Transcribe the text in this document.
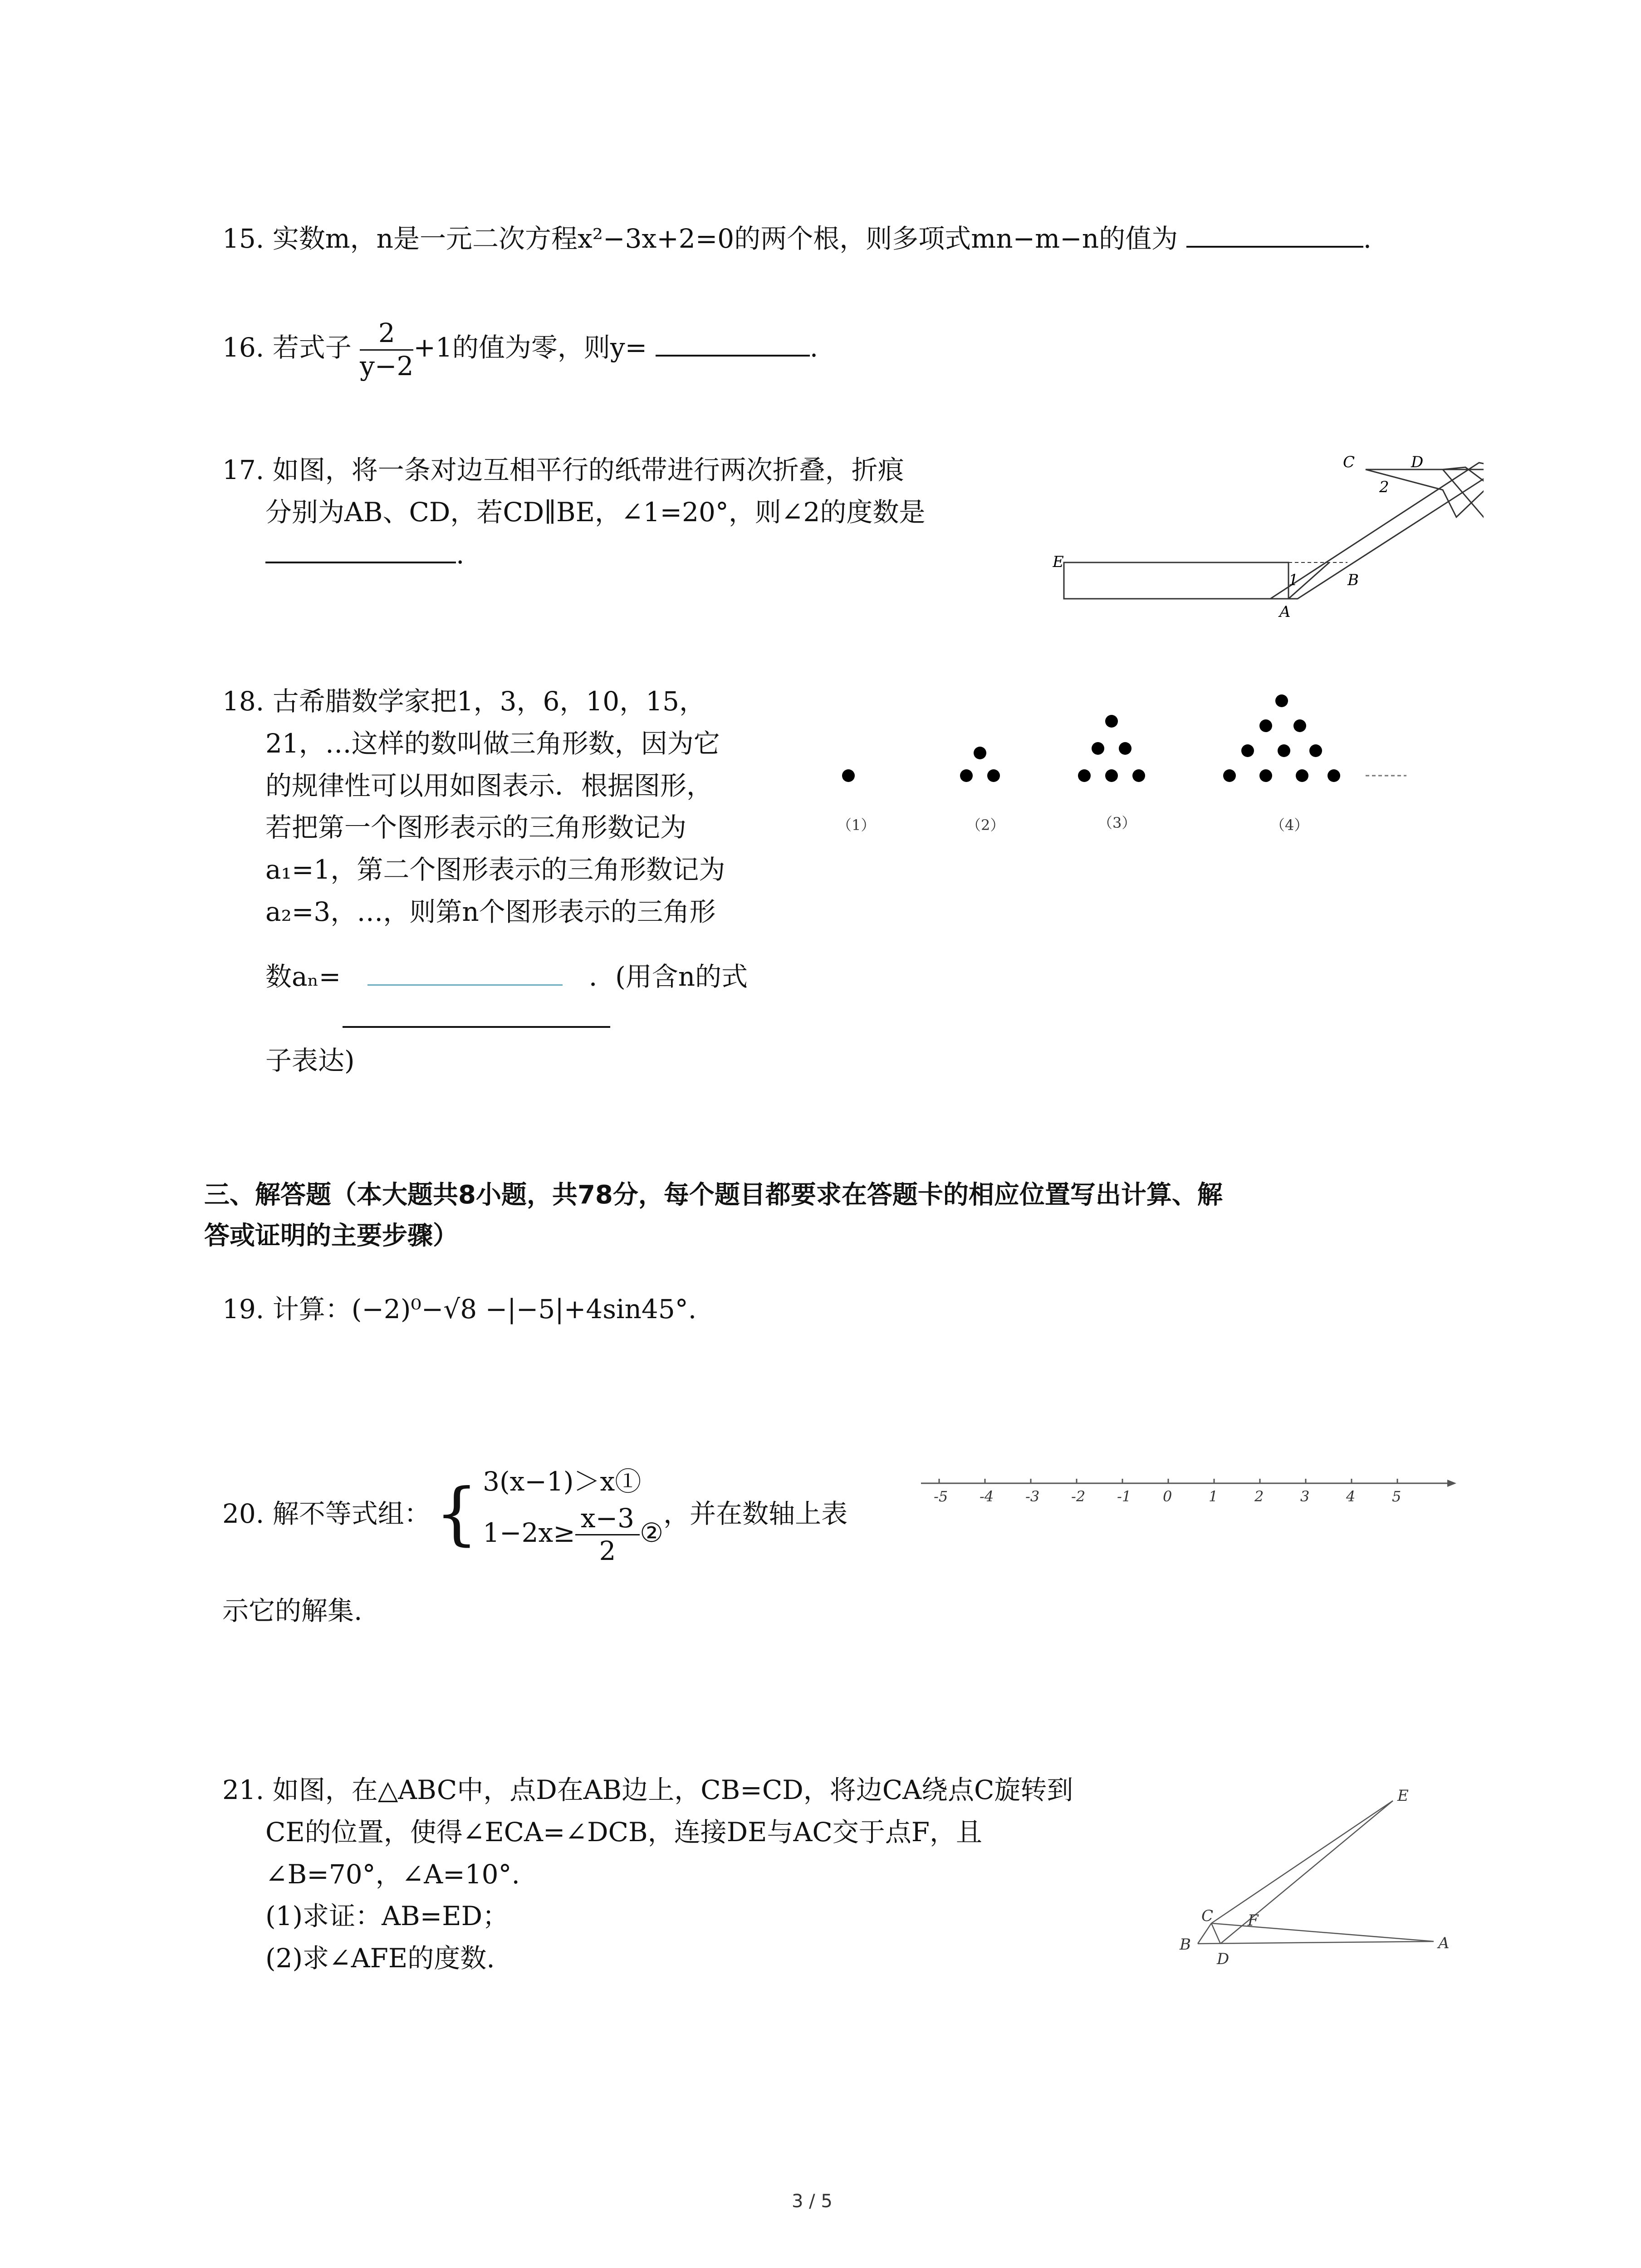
15. 实数m，n是一元二次方程x²−3x+2=0的两个根，则多项式mn−m−n的值为	.
16. 若式子 $\frac{2}{y-2} +1$的值为零，则y=	.
17. 如图，将一条对边互相平行的纸带进行两次折叠，折痕
分别为AB、CD，若CD∥BE，∠1=20°，则∠2的度数是
.
C	D
2
E
A
1	B
18. 古希腊数学家把1，3，6，10，15，
21，…这样的数叫做三角形数，因为它
的规律性可以用如图表示．根据图形，
若把第一个图形表示的三角形数记为
a₁=1，第二个图形表示的三角形数记为
a₂=3，…，则第n个图形表示的三角形
数aₙ=	．(用含n的式
子表达)
（1）	（2）	（3）	（4）
三、解答题（本大题共8小题，共78分，每个题目都要求在答题卡的相应位置写出计算、解
答或证明的主要步骤）
19. 计算：(−2)⁰−√8 −|−5|+4sin45°.
20.
解不等式组： { 3(x−1)＞x①
$1-2x\ge \frac{x-3}{2}$ ②
，并在数轴上表
示它的解集.
-5 -4 -3 -2 -1 0	1	2	3	4	5
21. 如图，在△ABC中，点D在AB边上，CB=CD，将边CA绕点C旋转到
CE的位置，使得∠ECA=∠DCB，连接DE与AC交于点F，且
∠B=70°，∠A=10°.
(1)求证：AB=ED；
(2)求∠AFE的度数.
E
C F
B
D
A
3 / 5
